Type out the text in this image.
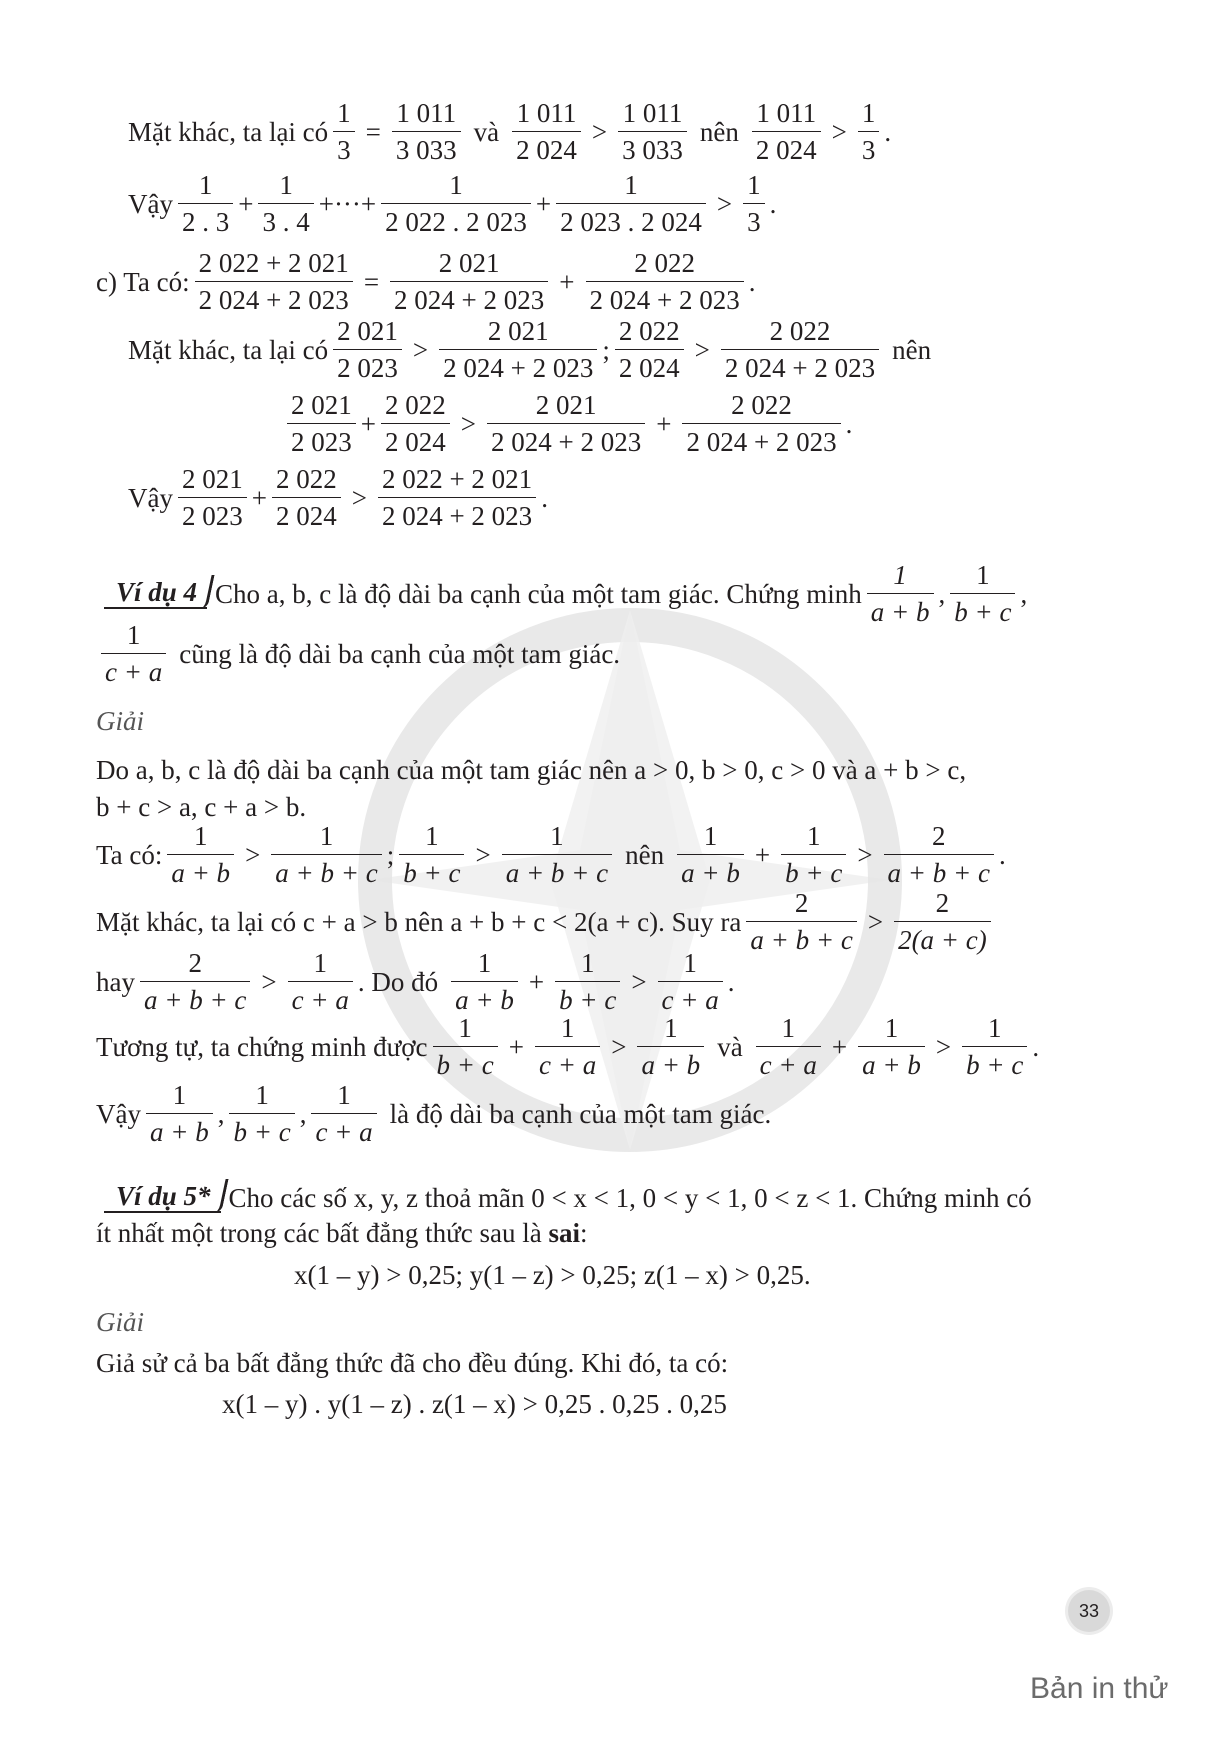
Mặt khác, ta lại có $\frac{1}{3} = \frac{1 011}{3 033}$ và $\frac{1 011}{2 024} > \frac{1 011}{3 033}$ nên $\frac{1 011}{2 024} > \frac{1}{3}$ .
Vậy $\frac{1}{2 . 3} + \frac{1}{3 . 4}$ +···+ $\frac{1}{2 022 . 2 023} + \frac{1}{2 023 . 2 024} > \frac{1}{3}$ .
c) Ta có: $\frac{2 022 + 2 021}{2 024 + 2 023} = \frac{2 021}{2 024 + 2 023} + \frac{2 022}{2 024 + 2 023}$ .
Mặt khác, ta lại có $\frac{2 021}{2 023} > \frac{2 021}{2 024 + 2 023}$ ; $\frac{2 022}{2 024} > \frac{2 022}{2 024 + 2 023}$ nên
$\frac{2 021}{2 023} + \frac{2 022}{2 024} > \frac{2 021}{2 024 + 2 023} + \frac{2 022}{2 024 + 2 023}$ .
Vậy $\frac{2 021}{2 023} + \frac{2 022}{2 024} > \frac{2 022 + 2 021}{2 024 + 2 023}$ .
Ví dụ 4 Cho a, b, c là độ dài ba cạnh của một tam giác. Chứng minh $\frac{1}{a + b}$ , $\frac{1}{b + c}$ ,
$\frac{1}{c + a}$ cũng là độ dài ba cạnh của một tam giác.
Giải
Do a, b, c là độ dài ba cạnh của một tam giác nên a > 0, b > 0, c > 0 và a + b > c,
b + c > a, c + a > b.
Ta có: $\frac{1}{a + b} > \frac{1}{a + b + c}$ ; $\frac{1}{b + c} > \frac{1}{a + b + c}$ nên $\frac{1}{a + b} + \frac{1}{b + c} > \frac{2}{a + b + c}$ .
Mặt khác, ta lại có c + a > b nên a + b + c < 2(a + c). Suy ra $\frac{2}{a + b + c} > \frac{2}{2(a + c)}$
hay $\frac{2}{a + b + c} > \frac{1}{c + a}$ . Do đó $\frac{1}{a + b} + \frac{1}{b + c} > \frac{1}{c + a}$ .
Tương tự, ta chứng minh được $\frac{1}{b + c} + \frac{1}{c + a} > \frac{1}{a + b}$ và $\frac{1}{c + a} + \frac{1}{a + b} > \frac{1}{b + c}$ .
Vậy $\frac{1}{a + b}$ , $\frac{1}{b + c}$ , $\frac{1}{c + a}$ là độ dài ba cạnh của một tam giác.
Ví dụ 5* Cho các số x, y, z thoả mãn 0 < x < 1, 0 < y < 1, 0 < z < 1. Chứng minh có
ít nhất một trong các bất đẳng thức sau là sai :
x(1 – y) > 0,25; y(1 – z) > 0,25; z(1 – x) > 0,25.
Giải
Giả sử cả ba bất đẳng thức đã cho đều đúng. Khi đó, ta có:
x(1 – y) . y(1 – z) . z(1 – x) > 0,25 . 0,25 . 0,25
33
Bản in thử
